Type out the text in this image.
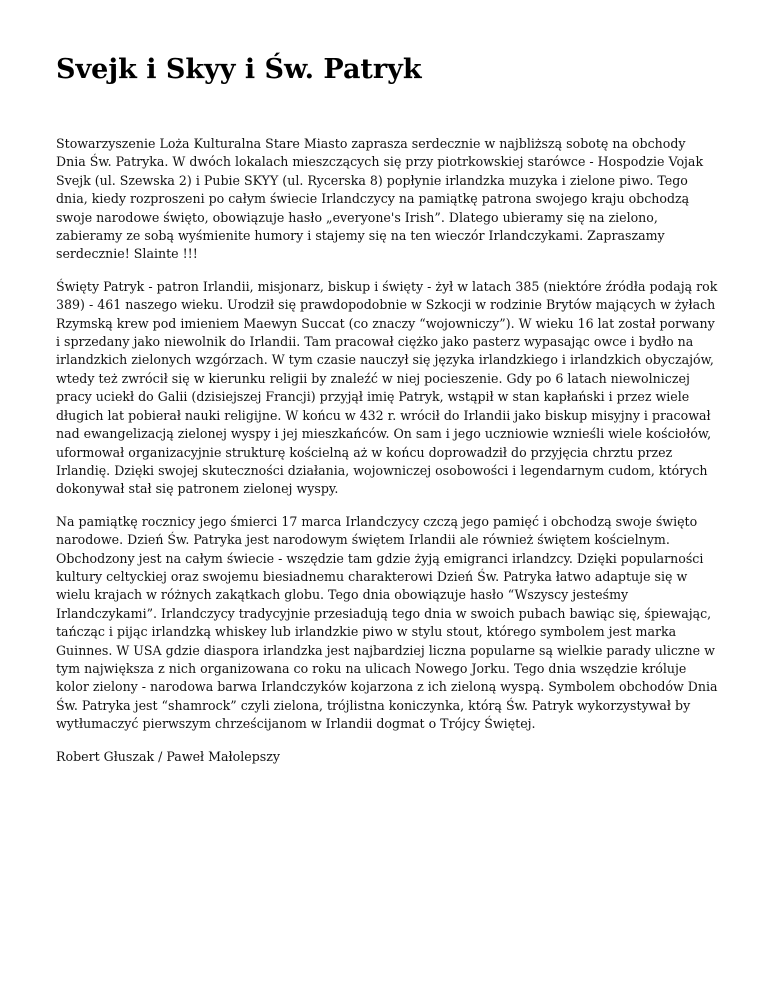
Svejk i Skyy i Św. Patryk

Stowarzyszenie Loża Kulturalna Stare Miasto zaprasza serdecznie w najbliższą sobotę na obchody Dnia Św. Patryka. W dwóch lokalach mieszczących się przy piotrkowskiej starówce - Hospodzie Vojak Svejk (ul. Szewska 2) i Pubie SKYY (ul. Rycerska 8) popłynie irlandzka muzyka i zielone piwo. Tego dnia, kiedy rozproszeni po całym świecie Irlandczycy na pamiątkę patrona swojego kraju obchodzą swoje narodowe święto, obowiązuje hasło „everyone's Irish”. Dlatego ubieramy się na zielono, zabieramy ze sobą wyśmienite humory i stajemy się na ten wieczór Irlandczykami. Zapraszamy serdecznie! Slainte !!!

Święty Patryk - patron Irlandii, misjonarz, biskup i święty - żył w latach 385 (niektóre źródła podają rok 389) - 461 naszego wieku. Urodził się prawdopodobnie w Szkocji w rodzinie Brytów mających w żyłach Rzymską krew pod imieniem Maewyn Succat (co znaczy “wojowniczy”). W wieku 16 lat został porwany i sprzedany jako niewolnik do Irlandii. Tam pracował ciężko jako pasterz wypasając owce i bydło na irlandzkich zielonych wzgórzach. W tym czasie nauczył się języka irlandzkiego i irlandzkich obyczajów, wtedy też zwrócił się w kierunku religii by znaleźć w niej pocieszenie. Gdy po 6 latach niewolniczej pracy uciekł do Galii (dzisiejszej Francji) przyjął imię Patryk, wstąpił w stan kapłański i przez wiele długich lat pobierał nauki religijne. W końcu w 432 r. wrócił do Irlandii jako biskup misyjny i pracował nad ewangelizacją zielonej wyspy i jej mieszkańców. On sam i jego uczniowie wznieśli wiele kościołów, uformował organizacyjnie strukturę kościelną aż w końcu doprowadził do przyjęcia chrztu przez Irlandię. Dzięki swojej skuteczności działania, wojowniczej osobowości i legendarnym cudom, których dokonywał stał się patronem zielonej wyspy.

Na pamiątkę rocznicy jego śmierci 17 marca Irlandczycy czczą jego pamięć i obchodzą swoje święto narodowe. Dzień Św. Patryka jest narodowym świętem Irlandii ale również świętem kościelnym. Obchodzony jest na całym świecie - wszędzie tam gdzie żyją emigranci irlandzcy. Dzięki popularności kultury celtyckiej oraz swojemu biesiadnemu charakterowi Dzień Św. Patryka łatwo adaptuje się w wielu krajach w różnych zakątkach globu. Tego dnia obowiązuje hasło “Wszyscy jesteśmy Irlandczykami”. Irlandczycy tradycyjnie przesiadują tego dnia w swoich pubach bawiąc się, śpiewając, tańcząc i pijąc irlandzką whiskey lub irlandzkie piwo w stylu stout, którego symbolem jest marka Guinnes. W USA gdzie diaspora irlandzka jest najbardziej liczna popularne są wielkie parady uliczne w tym największa z nich organizowana co roku na ulicach Nowego Jorku. Tego dnia wszędzie króluje kolor zielony - narodowa barwa Irlandczyków kojarzona z ich zieloną wyspą. Symbolem obchodów Dnia Św. Patryka jest “shamrock” czyli zielona, trójlistna koniczynka, którą Św. Patryk wykorzystywał by wytłumaczyć pierwszym chrześcijanom w Irlandii dogmat o Trójcy Świętej.

Robert Głuszak / Paweł Małolepszy
